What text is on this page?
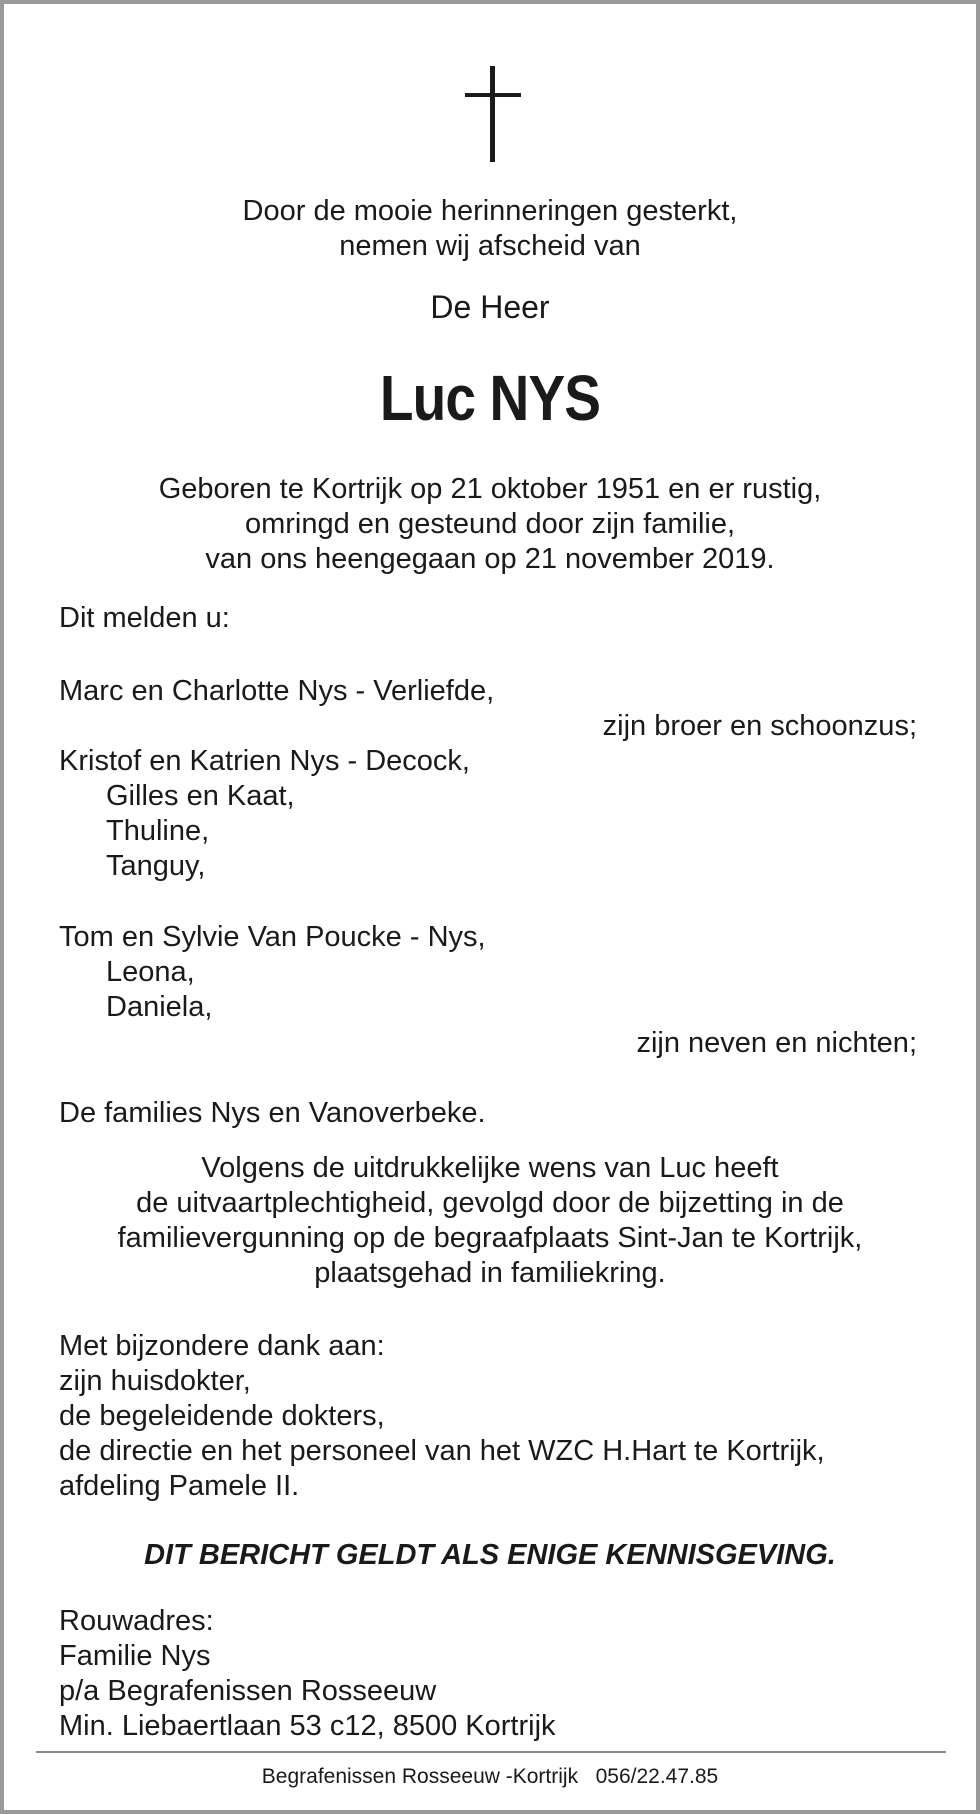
Door de mooie herinneringen gesterkt,
nemen wij afscheid van
De Heer
Luc NYS
Geboren te Kortrijk op 21 oktober 1951 en er rustig,
omringd en gesteund door zijn familie,
van ons heengegaan op 21 november 2019.
Dit melden u:
Marc en Charlotte Nys - Verliefde,
zijn broer en schoonzus;
Kristof en Katrien Nys - Decock,
Gilles en Kaat,
Thuline,
Tanguy,
Tom en Sylvie Van Poucke - Nys,
Leona,
Daniela,
zijn neven en nichten;
De families Nys en Vanoverbeke.
Volgens de uitdrukkelijke wens van Luc heeft
de uitvaartplechtigheid, gevolgd door de bijzetting in de
familievergunning op de begraafplaats Sint-Jan te Kortrijk,
plaatsgehad in familiekring.
Met bijzondere dank aan:
zijn huisdokter,
de begeleidende dokters,
de directie en het personeel van het WZC H.Hart te Kortrijk,
afdeling Pamele II.
DIT BERICHT GELDT ALS ENIGE KENNISGEVING.
Rouwadres:
Familie Nys
p/a Begrafenissen Rosseeuw
Min. Liebaertlaan 53 c12, 8500 Kortrijk
Begrafenissen Rosseeuw -Kortrijk   056/22.47.85
